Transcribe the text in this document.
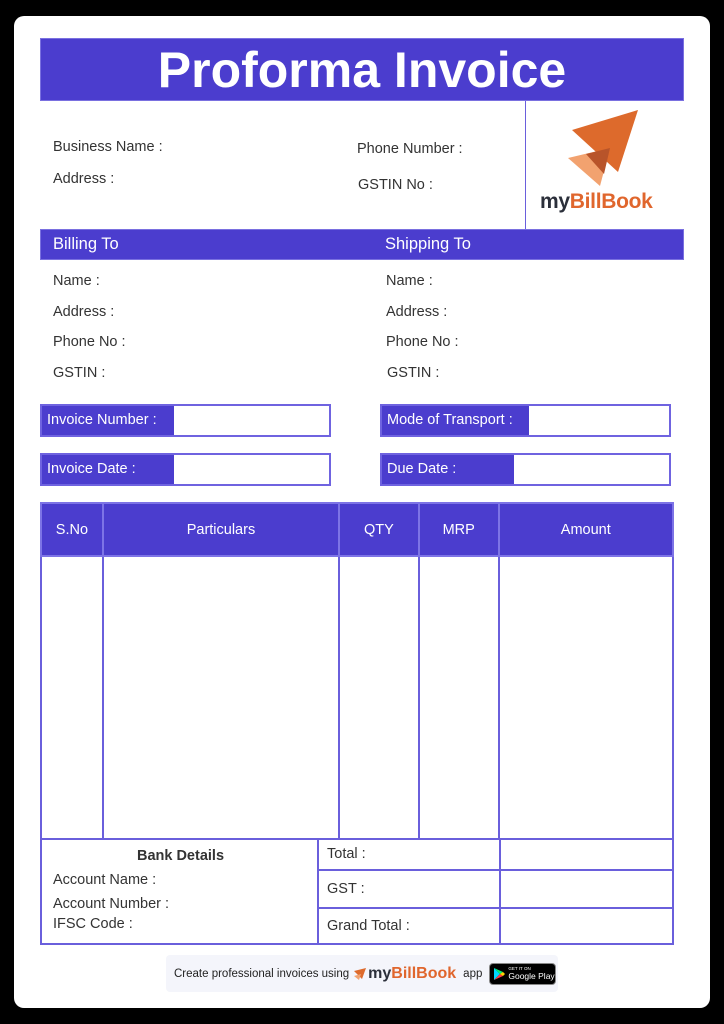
Proforma Invoice
Business Name :
Address :
Phone Number :
GSTIN No :
myBillBook
Billing To	Shipping To
Name :
Address :
Phone No :
GSTIN :
Name :
Address :
Phone No :
GSTIN :
Invoice Number :
Invoice Date :
Mode of Transport :
Due Date :
S.No	Particulars	QTY	MRP	Amount

Bank Details
Account Name :
Account Number :
IFSC Code :
Total :
GST :
Grand Total :
Create professional invoices using myBillBook app	GET IT ON
Google Play
